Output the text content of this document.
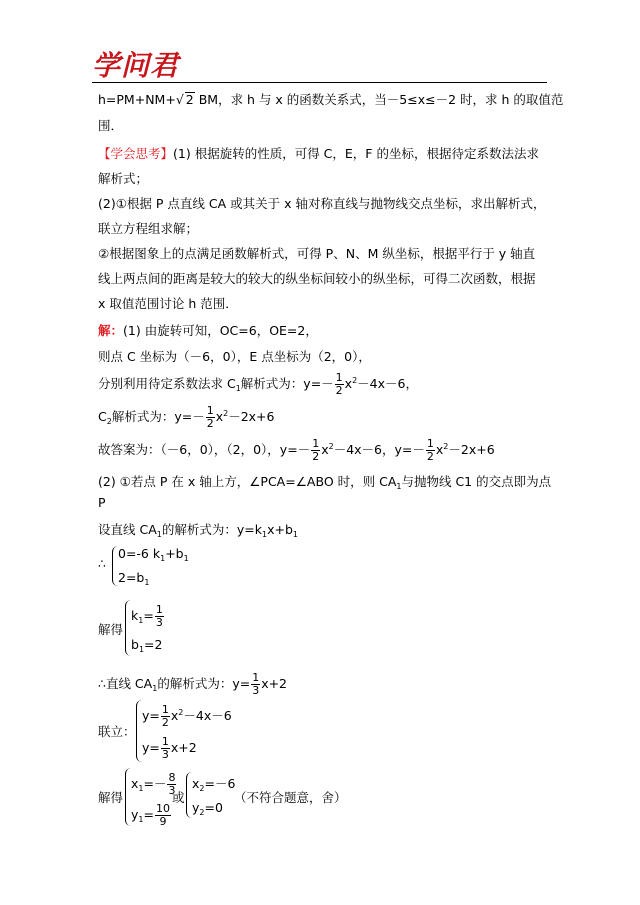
学问君
h=PM+NM+√ 2 BM，求 h 与 x 的函数关系式，当－5≤x≤－2 时，求 h 的取值范
围．
【学会思考】(1) 根据旋转的性质，可得 C，E，F 的坐标，根据待定系数法法求
解析式；
(2)①根据 P 点直线 CA 或其关于 x 轴对称直线与抛物线交点坐标，求出解析式，
联立方程组求解；
②根据图象上的点满足函数解析式，可得 P、N、M 纵坐标，根据平行于 y 轴直
线上两点间的距离是较大的较大的纵坐标间较小的纵坐标，可得二次函数，根据
x 取值范围讨论 h 范围．
解：(1) 由旋转可知，OC=6，OE=2，
则点 C 坐标为（－6，0），E 点坐标为（2，0），
分别利用待定系数法求 $C_1$解析式为：$y=- \frac{1}{2} x^2-4x-6$，
$C_2$解析式为：$y=- \frac{1}{2} x^2-2x+6$
故答案为：（－6，0），（2，0），$y=- \frac{1}{2} x^2-4x-6$，$y=- \frac{1}{2} x^2-2x+6$
(2) ①若点 P 在 x 轴上方，∠PCA=∠ABO 时，则 $CA_1$与抛物线 C1 的交点即为点
P
设直线 $CA_1$的解析式为：$y=k_1x+b_1$
∴
0=-6 $k_1+b_1$
$2=b_1$
解得
$k_1= \frac{1}{3}$
$b_1=2$
∴直线 $CA_1$的解析式为：$y= \frac{1}{3} x+2$
联立：
$y= \frac{1}{2} x^2-4x-6$
$y= \frac{1}{3} x+2$
解得
$x_1=- \frac{8}{3}$
$y_1= \frac{10}{9}$
或
$x_2=-6$
$y_2=0$
（不符合题意，舍）
